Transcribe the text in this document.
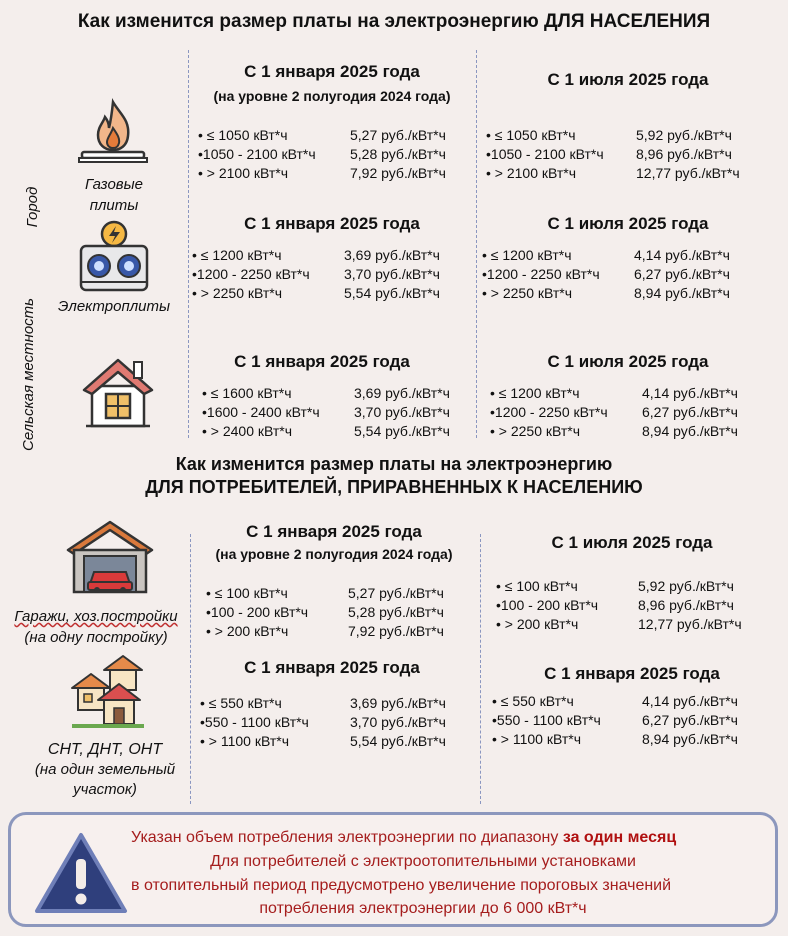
Как изменится размер платы на электроэнергию ДЛЯ НАСЕЛЕНИЯ
Город
Сельская местность
Газовые
плиты
Электроплиты
С 1 января 2025 года
(на уровне 2 полугодия 2024 года)
• ≤ 1050 кВт*ч	5,27 руб./кВт*ч
•1050 - 2100 кВт*ч 5,28 руб./кВт*ч
• > 2100 кВт*ч	7,92 руб./кВт*ч
С 1 июля 2025 года
• ≤ 1050 кВт*ч	5,92 руб./кВт*ч
•1050 - 2100 кВт*ч 8,96 руб./кВт*ч
• > 2100 кВт*ч	12,77 руб./кВт*ч
С 1 января 2025 года
• ≤ 1200 кВт*ч	3,69 руб./кВт*ч
•1200 - 2250 кВт*ч 3,70 руб./кВт*ч
• > 2250 кВт*ч	5,54 руб./кВт*ч
С 1 июля 2025 года
• ≤ 1200 кВт*ч	4,14 руб./кВт*ч
•1200 - 2250 кВт*ч 6,27 руб./кВт*ч
• > 2250 кВт*ч	8,94 руб./кВт*ч
С 1 января 2025 года
• ≤ 1600 кВт*ч	3,69 руб./кВт*ч
•1600 - 2400 кВт*ч 3,70 руб./кВт*ч
• > 2400 кВт*ч	5,54 руб./кВт*ч
С 1 июля 2025 года
• ≤ 1200 кВт*ч	4,14 руб./кВт*ч
•1200 - 2250 кВт*ч 6,27 руб./кВт*ч
• > 2250 кВт*ч	8,94 руб./кВт*ч
Как изменится размер платы на электроэнергию
ДЛЯ ПОТРЕБИТЕЛЕЙ, ПРИРАВНЕННЫХ К НАСЕЛЕНИЮ
Гаражи, хоз.постройки
(на одну постройку)
СНТ, ДНТ, ОНТ
(на один земельный
участок)
С 1 января 2025 года
(на уровне 2 полугодия 2024 года)
• ≤ 100 кВт*ч	5,27 руб./кВт*ч
•100 - 200 кВт*ч	5,28 руб./кВт*ч
• > 200 кВт*ч	7,92 руб./кВт*ч
С 1 июля 2025 года
• ≤ 100 кВт*ч	5,92 руб./кВт*ч
•100 - 200 кВт*ч	8,96 руб./кВт*ч
• > 200 кВт*ч	12,77 руб./кВт*ч
С 1 января 2025 года
• ≤ 550 кВт*ч	3,69 руб./кВт*ч
•550 - 1100 кВт*ч	3,70 руб./кВт*ч
• > 1100 кВт*ч	5,54 руб./кВт*ч
С 1 января 2025 года
• ≤ 550 кВт*ч	4,14 руб./кВт*ч
•550 - 1100 кВт*ч	6,27 руб./кВт*ч
• > 1100 кВт*ч	8,94 руб./кВт*ч
Указан объем потребления электроэнергии по диапазону за один месяц
Для потребителей с электроотопительными установками
в отопительный период предусмотрено увеличение пороговых значений
потребления электроэнергии до 6 000 кВт*ч
